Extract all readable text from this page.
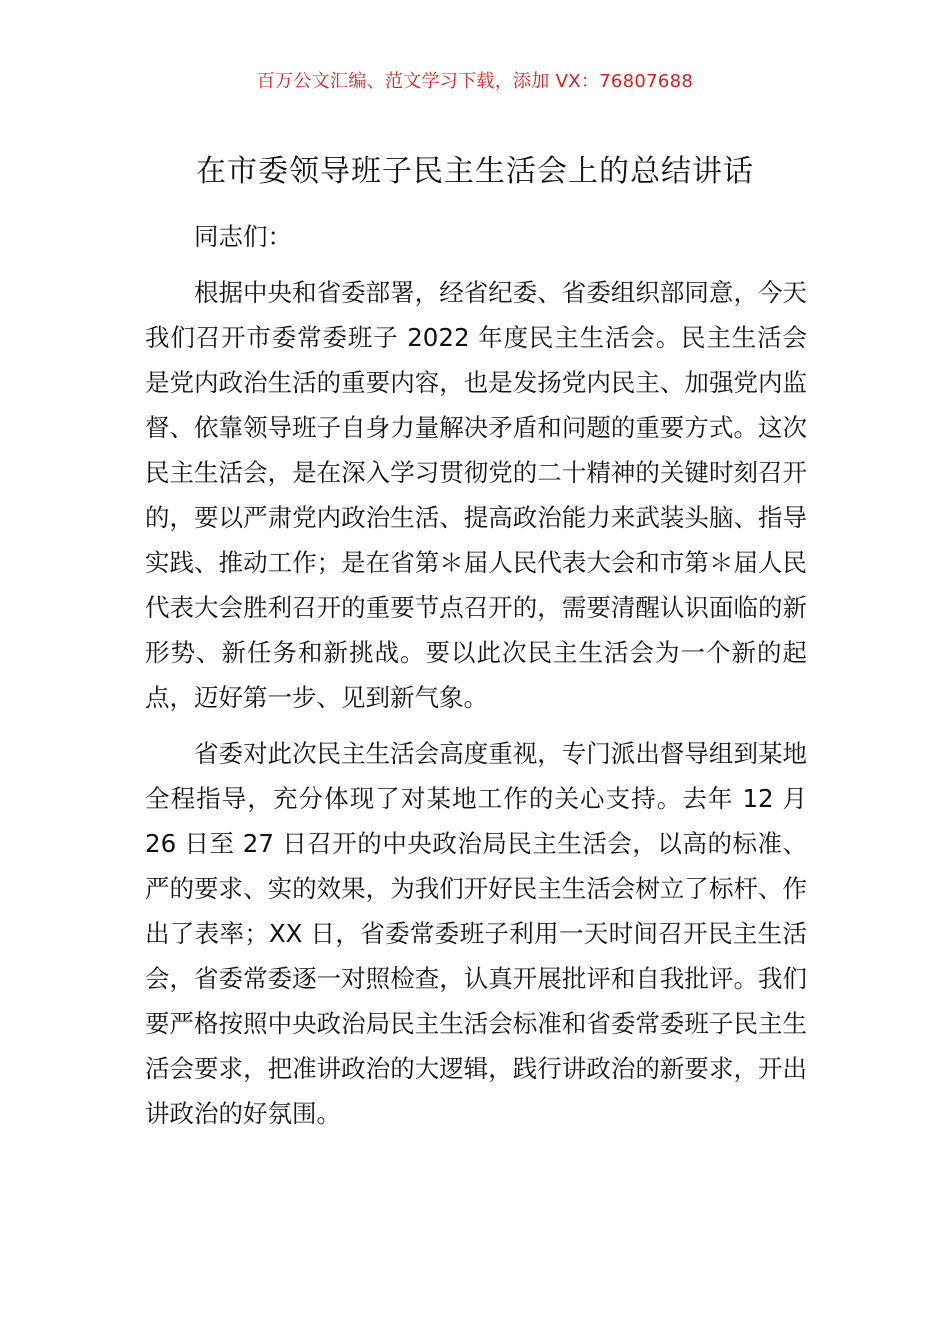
百万公文汇编、范文学习下载，添加 VX：76807688
在市委领导班子民主生活会上的总结讲话

同志们：

根据中央和省委部署，经省纪委、省委组织部同意，今天我们召开市委常委班子 2022 年度民主生活会。民主生活会是党内政治生活的重要内容，也是发扬党内民主、加强党内监督、依靠领导班子自身力量解决矛盾和问题的重要方式。这次民主生活会，是在深入学习贯彻党的二十精神的关键时刻召开的，要以严肃党内政治生活、提高政治能力来武装头脑、指导实践、推动工作；是在省第＊届人民代表大会和市第＊届人民代表大会胜利召开的重要节点召开的，需要清醒认识面临的新形势、新任务和新挑战。要以此次民主生活会为一个新的起点，迈好第一步、见到新气象。

省委对此次民主生活会高度重视，专门派出督导组到某地全程指导，充分体现了对某地工作的关心支持。去年 12 月 26 日至 27 日召开的中央政治局民主生活会，以高的标准、严的要求、实的效果，为我们开好民主生活会树立了标杆、作出了表率；XX 日，省委常委班子利用一天时间召开民主生活会，省委常委逐一对照检查，认真开展批评和自我批评。我们要严格按照中央政治局民主生活会标准和省委常委班子民主生活会要求，把准讲政治的大逻辑，践行讲政治的新要求，开出讲政治的好氛围。
